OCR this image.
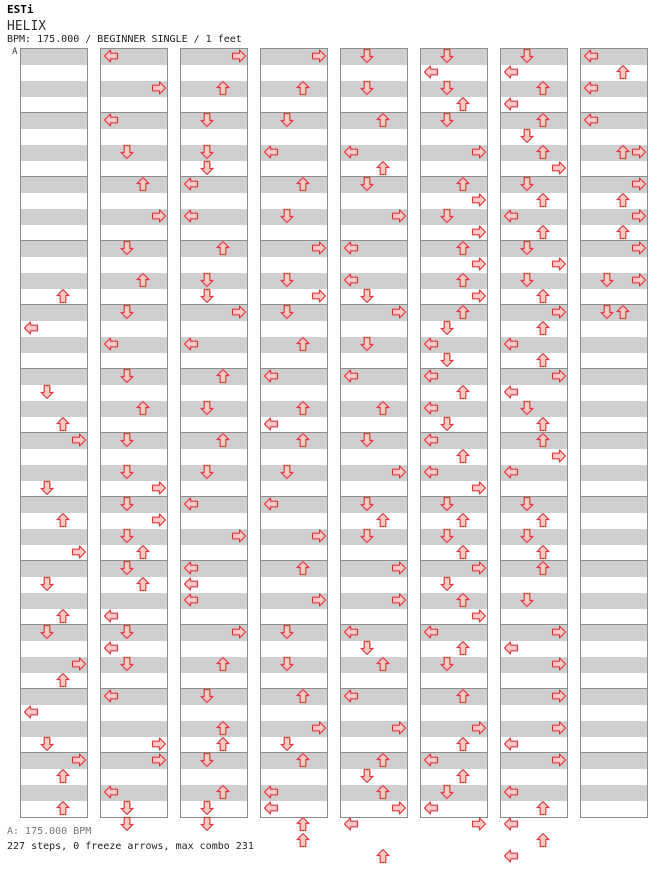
ESTi
HELIX
BPM: 175.000 / BEGINNER SINGLE / 1 feet
A
A: 175.000 BPM
227 steps, 0 freeze arrows, max combo 231
